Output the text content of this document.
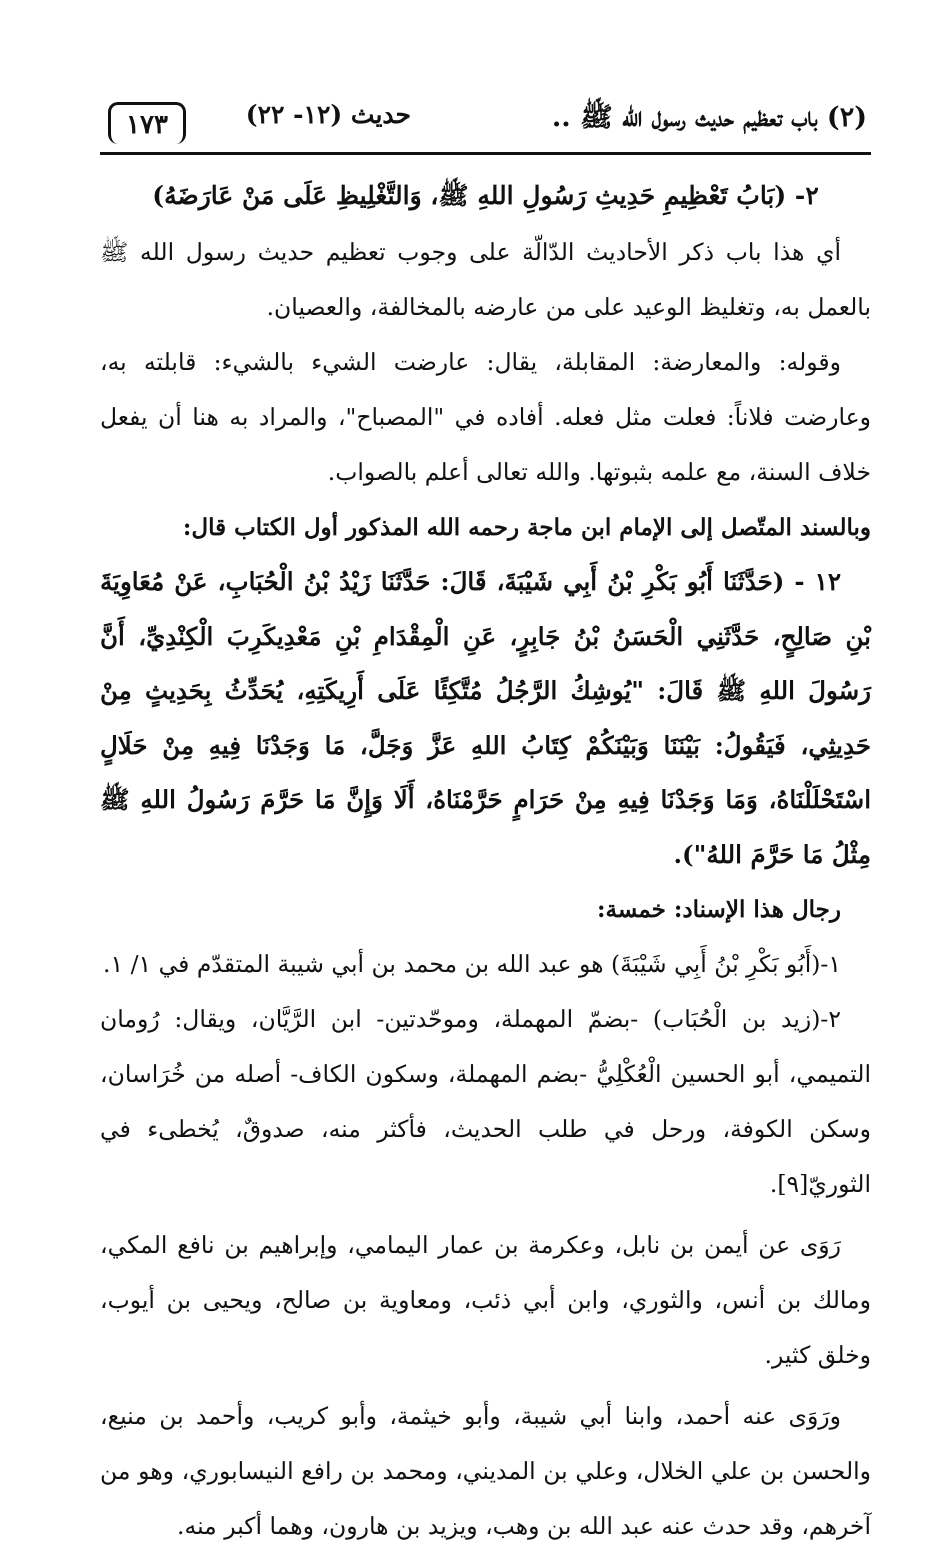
١٧٣	حديث (١٢- ٢٢)	(٢) باب تعظيم حديث رسول الله ﷺ ..

٢- (بَابُ تَعْظِيمِ حَدِيثِ رَسُولِ اللهِ ﷺ، وَالتَّغْلِيظِ عَلَى مَنْ عَارَضَهُ)

أي هذا باب ذكر الأحاديث الدّالّة على وجوب تعظيم حديث رسول الله ﷺ بالعمل به، وتغليظ الوعيد على من عارضه بالمخالفة، والعصيان.

وقوله: والمعارضة: المقابلة، يقال: عارضت الشيء بالشيء: قابلته به، وعارضت فلاناً: فعلت مثل فعله. أفاده في "المصباح"، والمراد به هنا أن يفعل خلاف السنة، مع علمه بثبوتها. والله تعالى أعلم بالصواب.

وبالسند المتّصل إلى الإمام ابن ماجة رحمه الله المذكور أول الكتاب قال:

١٢ - (حَدَّثَنَا أَبُو بَكْرِ بْنُ أَبِي شَيْبَةَ، قَالَ: حَدَّثَنَا زَيْدُ بْنُ الْحُبَابِ، عَنْ مُعَاوِيَةَ بْنِ صَالِحٍ، حَدَّثَنِي الْحَسَنُ بْنُ جَابِرٍ، عَنِ الْمِقْدَامِ بْنِ مَعْدِيكَرِبَ الْكِنْدِيِّ، أَنَّ رَسُولَ اللهِ ﷺ قَالَ: "يُوشِكُ الرَّجُلُ مُتَّكِئًا عَلَى أَرِيكَتِهِ، يُحَدِّثُ بِحَدِيثٍ مِنْ حَدِيثِي، فَيَقُولُ: بَيْنَنَا وَبَيْنَكُمْ كِتَابُ اللهِ عَزَّ وَجَلَّ، مَا وَجَدْنَا فِيهِ مِنْ حَلَالٍ اسْتَحْلَلْنَاهُ، وَمَا وَجَدْنَا فِيهِ مِنْ حَرَامٍ حَرَّمْنَاهُ، أَلَا وَإِنَّ مَا حَرَّمَ رَسُولُ اللهِ ﷺ مِثْلُ مَا حَرَّمَ اللهُ").

رجال هذا الإسناد: خمسة:

١-(أَبُو بَكْرِ بْنُ أَبِي شَيْبَةَ) هو عبد الله بن محمد بن أبي شيبة المتقدّم في ١/ ١.

٢-(زيد بن الْحُبَاب) -بضمّ المهملة، وموحّدتين- ابن الرَّيَّان، ويقال: رُومان التميمي، أبو الحسين الْعُكْلِيُّ -بضم المهملة، وسكون الكاف- أصله من خُرَاسان، وسكن الكوفة، ورحل في طلب الحديث، فأكثر منه، صدوقٌ، يُخطىء في الثوريّ[٩].

رَوَى عن أيمن بن نابل، وعكرمة بن عمار اليمامي، وإبراهيم بن نافع المكي، ومالك بن أنس، والثوري، وابن أبي ذئب، ومعاوية بن صالح، ويحيى بن أيوب، وخلق كثير.

ورَوَى عنه أحمد، وابنا أبي شيبة، وأبو خيثمة، وأبو كريب، وأحمد بن منيع، والحسن بن علي الخلال، وعلي بن المديني، ومحمد بن رافع النيسابوري، وهو من آخرهم، وقد حدث عنه عبد الله بن وهب، ويزيد بن هارون، وهما أكبر منه.
